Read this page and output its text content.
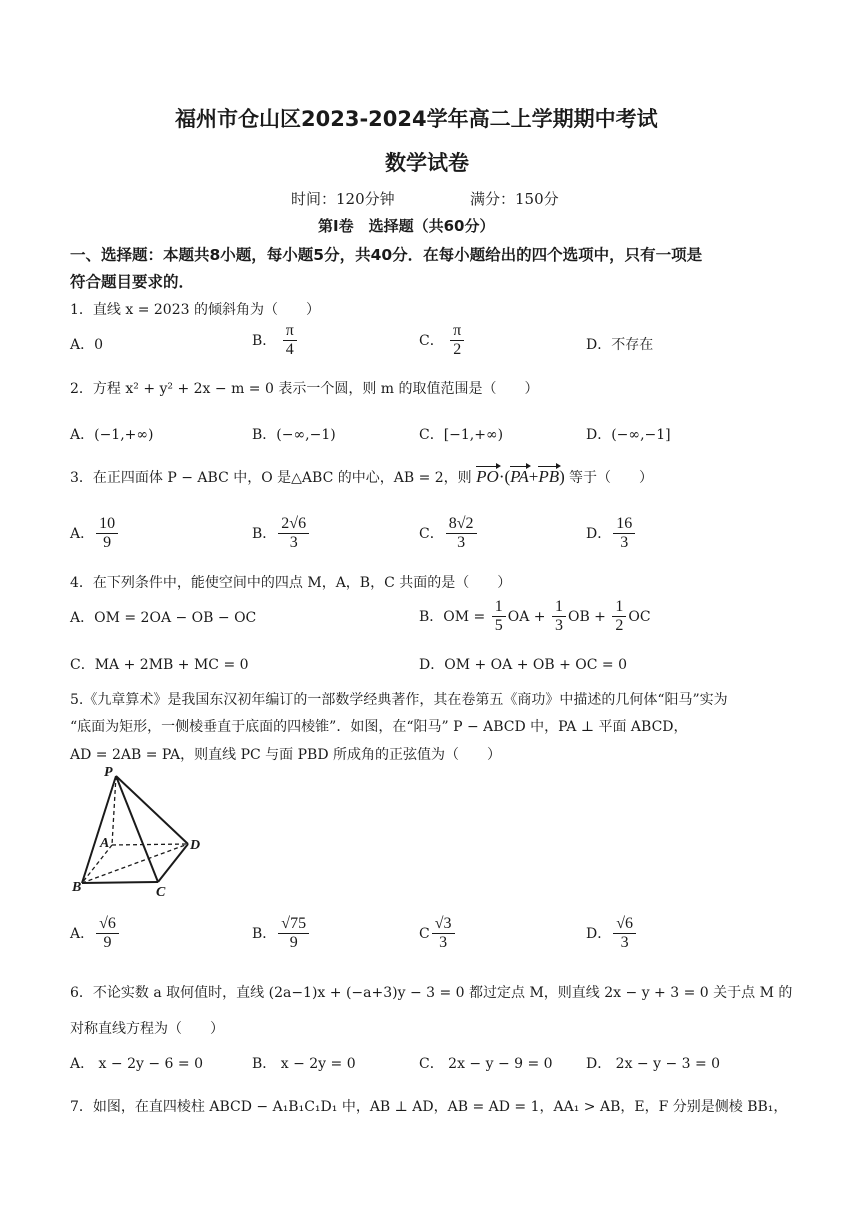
福州市仓山区2023-2024学年高二上学期期中考试
数学试卷
时间：120分钟	满分：150分
第Ⅰ卷　选择题（共60分）
一、选择题：本题共8小题，每小题5分，共40分．在每小题给出的四个选项中，只有一项是
符合题目要求的．
1．直线 x = 2023 的倾斜角为（　　）
A．0	B． $\frac{\pi}{4}$	C． $\frac{\pi}{2}$	D．不存在
2．方程 x² + y² + 2x − m = 0 表示一个圆，则 m 的取值范围是（　　）
A．(−1,+∞)	B．(−∞,−1)	C．[−1,+∞)	D．(−∞,−1]
3．在正四面体 P − ABC 中，O 是△ABC 的中心，AB = 2，则 PO·(PA+PB) 等于（　　）
A． $\frac{10}{9}$	B． $\frac{2√6}{3}$	C． $\frac{8√2}{3}$	D． $\frac{16}{3}$
4．在下列条件中，能使空间中的四点 M，A，B，C 共面的是（　　）
A．OM = 2OA − OB − OC	B．OM = $\frac{1}{5}$ OA + $\frac{1}{3}$ OB + $\frac{1}{2}$ OC
C．MA + 2MB + MC = 0	D．OM + OA + OB + OC = 0
5.《九章算术》是我国东汉初年编订的一部数学经典著作，其在卷第五《商功》中描述的几何体“阳马”实为
“底面为矩形，一侧棱垂直于底面的四棱锥”．如图，在“阳马” P − ABCD 中，PA ⊥ 平面 ABCD，
AD = 2AB = PA，则直线 PC 与面 PBD 所成角的正弦值为（　　）
P
A
B	C
D
A． $\frac{√6}{9}$	B． $\frac{√75}{9}$	C $\frac{√3}{3}$	D． $\frac{√6}{3}$
6．不论实数 a 取何值时，直线 (2a−1)x + (−a+3)y − 3 = 0 都过定点 M，则直线 2x − y + 3 = 0 关于点 M 的
对称直线方程为（　　）
A． x − 2y − 6 = 0	B． x − 2y = 0	C． 2x − y − 9 = 0 D． 2x − y − 3 = 0
7．如图，在直四棱柱 ABCD − A₁B₁C₁D₁ 中，AB ⊥ AD，AB = AD = 1，AA₁ > AB，E，F 分别是侧棱 BB₁，
